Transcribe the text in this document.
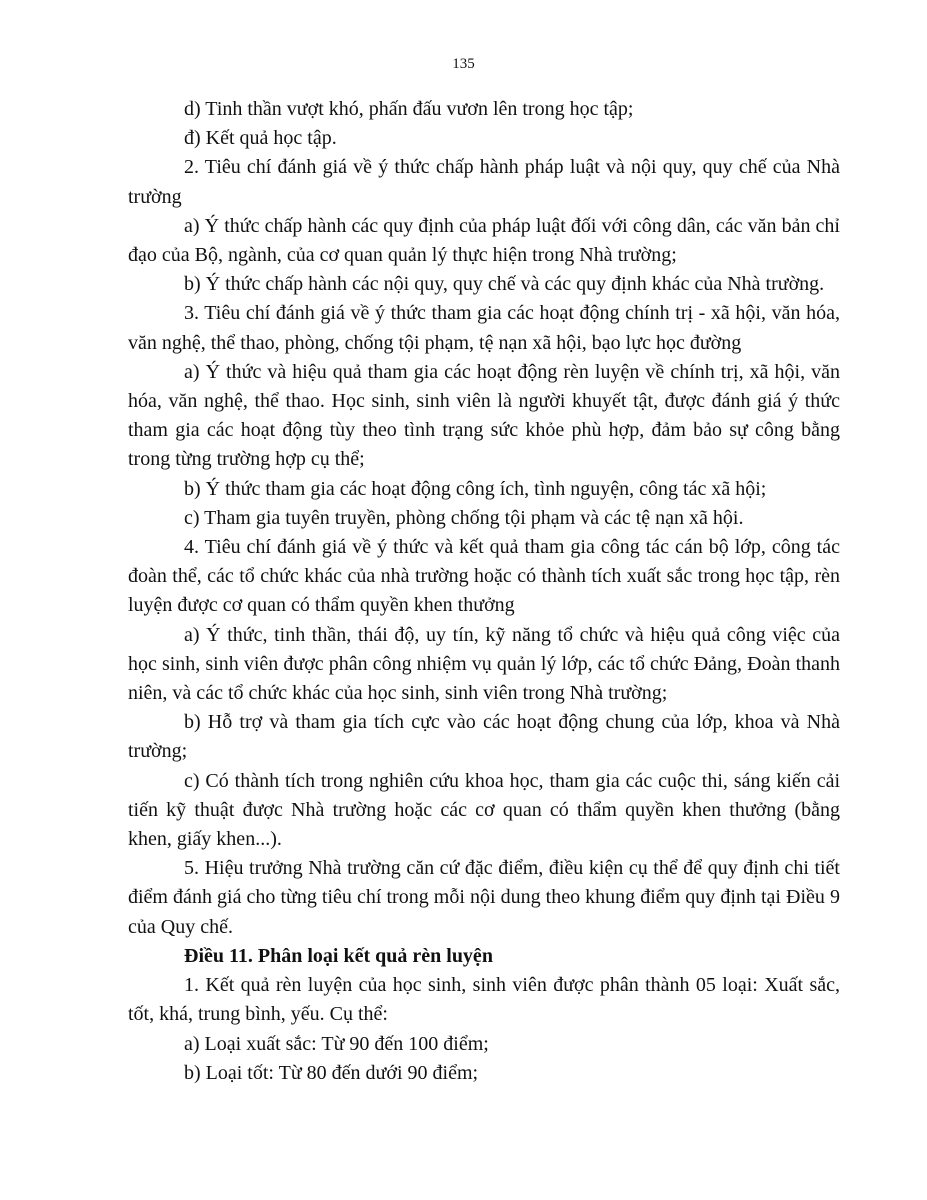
135

d) Tinh thần vượt khó, phấn đấu vươn lên trong học tập;

đ) Kết quả học tập.

2. Tiêu chí đánh giá về ý thức chấp hành pháp luật và nội quy, quy chế của Nhà trường

a) Ý thức chấp hành các quy định của pháp luật đối với công dân, các văn bản chỉ đạo của Bộ, ngành, của cơ quan quản lý thực hiện trong Nhà trường;

b) Ý thức chấp hành các nội quy, quy chế và các quy định khác của Nhà trường.

3. Tiêu chí đánh giá về ý thức tham gia các hoạt động chính trị - xã hội, văn hóa, văn nghệ, thể thao, phòng, chống tội phạm, tệ nạn xã hội, bạo lực học đường

a) Ý thức và hiệu quả tham gia các hoạt động rèn luyện về chính trị, xã hội, văn hóa, văn nghệ, thể thao. Học sinh, sinh viên là người khuyết tật, được đánh giá ý thức tham gia các hoạt động tùy theo tình trạng sức khỏe phù hợp, đảm bảo sự công bằng trong từng trường hợp cụ thể;

b) Ý thức tham gia các hoạt động công ích, tình nguyện, công tác xã hội;

c) Tham gia tuyên truyền, phòng chống tội phạm và các tệ nạn xã hội.

4. Tiêu chí đánh giá về ý thức và kết quả tham gia công tác cán bộ lớp, công tác đoàn thể, các tổ chức khác của nhà trường hoặc có thành tích xuất sắc trong học tập, rèn luyện được cơ quan có thẩm quyền khen thưởng

a) Ý thức, tinh thần, thái độ, uy tín, kỹ năng tổ chức và hiệu quả công việc của học sinh, sinh viên được phân công nhiệm vụ quản lý lớp, các tổ chức Đảng, Đoàn thanh niên, và các tổ chức khác của học sinh, sinh viên trong Nhà trường;

b) Hỗ trợ và tham gia tích cực vào các hoạt động chung của lớp, khoa và Nhà trường;

c) Có thành tích trong nghiên cứu khoa học, tham gia các cuộc thi, sáng kiến cải tiến kỹ thuật được Nhà trường hoặc các cơ quan có thẩm quyền khen thưởng (bằng khen, giấy khen...).

5. Hiệu trưởng Nhà trường căn cứ đặc điểm, điều kiện cụ thể để quy định chi tiết điểm đánh giá cho từng tiêu chí trong mỗi nội dung theo khung điểm quy định tại Điều 9 của Quy chế.

Điều 11. Phân loại kết quả rèn luyện

1. Kết quả rèn luyện của học sinh, sinh viên được phân thành 05 loại: Xuất sắc, tốt, khá, trung bình, yếu. Cụ thể:

a) Loại xuất sắc: Từ 90 đến 100 điểm;

b) Loại tốt: Từ 80 đến dưới 90 điểm;
